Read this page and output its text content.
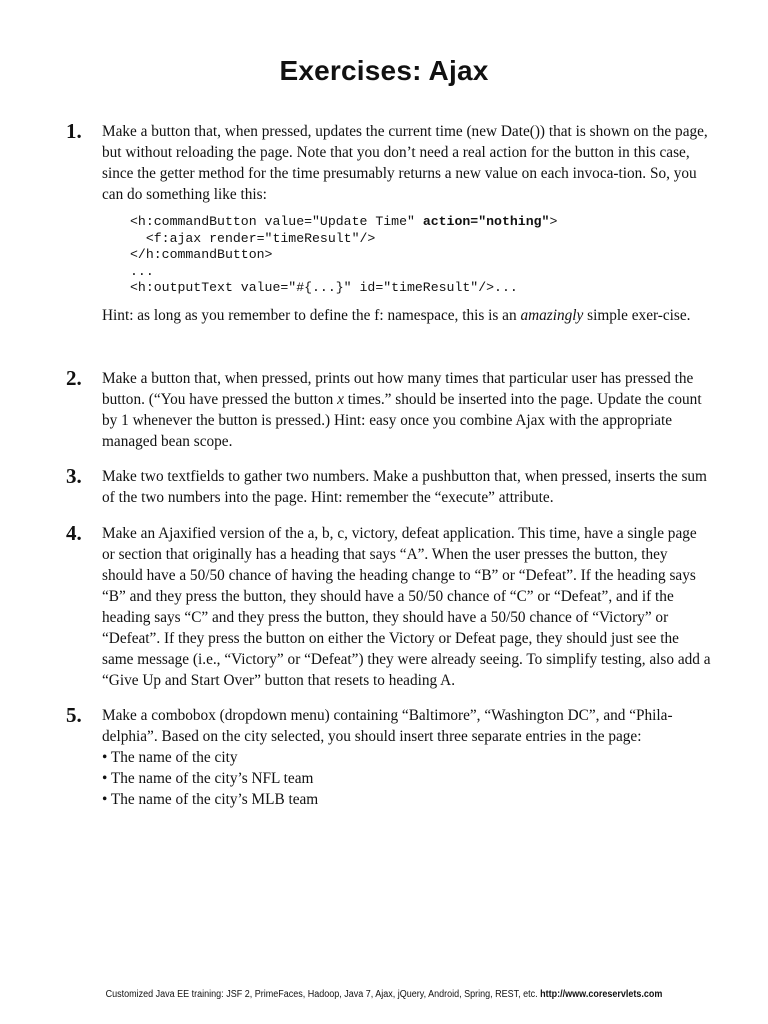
Exercises: Ajax
1. Make a button that, when pressed, updates the current time (new Date()) that is shown on the page, but without reloading the page. Note that you don’t need a real action for the button in this case, since the getter method for the time presumably returns a new value on each invoca-tion. So, you can do something like this:

<h:commandButton value="Update Time" action="nothing">
<f:ajax render="timeResult"/>
</h:commandButton>
...
<h:outputText value="#{...}" id="timeResult"/>...

Hint: as long as you remember to define the f: namespace, this is an amazingly simple exer-cise.

2. Make a button that, when pressed, prints out how many times that particular user has pressed the button. (“You have pressed the button x times.” should be inserted into the page. Update the count by 1 whenever the button is pressed.) Hint: easy once you combine Ajax with the appropriate managed bean scope.

3. Make two textfields to gather two numbers. Make a pushbutton that, when pressed, inserts the sum of the two numbers into the page. Hint: remember the “execute” attribute.

4. Make an Ajaxified version of the a, b, c, victory, defeat application. This time, have a single page or section that originally has a heading that says “A”. When the user presses the button, they should have a 50/50 chance of having the heading change to “B” or “Defeat”. If the heading says “B” and they press the button, they should have a 50/50 chance of “C” or “Defeat”, and if the heading says “C” and they press the button, they should have a 50/50 chance of “Victory” or “Defeat”. If they press the button on either the Victory or Defeat page, they should just see the same message (i.e., “Victory” or “Defeat”) they were already seeing. To simplify testing, also add a “Give Up and Start Over” button that resets to heading A.

5. Make a combobox (dropdown menu) containing “Baltimore”, “Washington DC”, and “Phila-delphia”. Based on the city selected, you should insert three separate entries in the page:

• The name of the city

• The name of the city’s NFL team

• The name of the city’s MLB team

Customized Java EE training: JSF 2, PrimeFaces, Hadoop, Java 7, Ajax, jQuery, Android, Spring, REST, etc. http://www.coreservlets.com
